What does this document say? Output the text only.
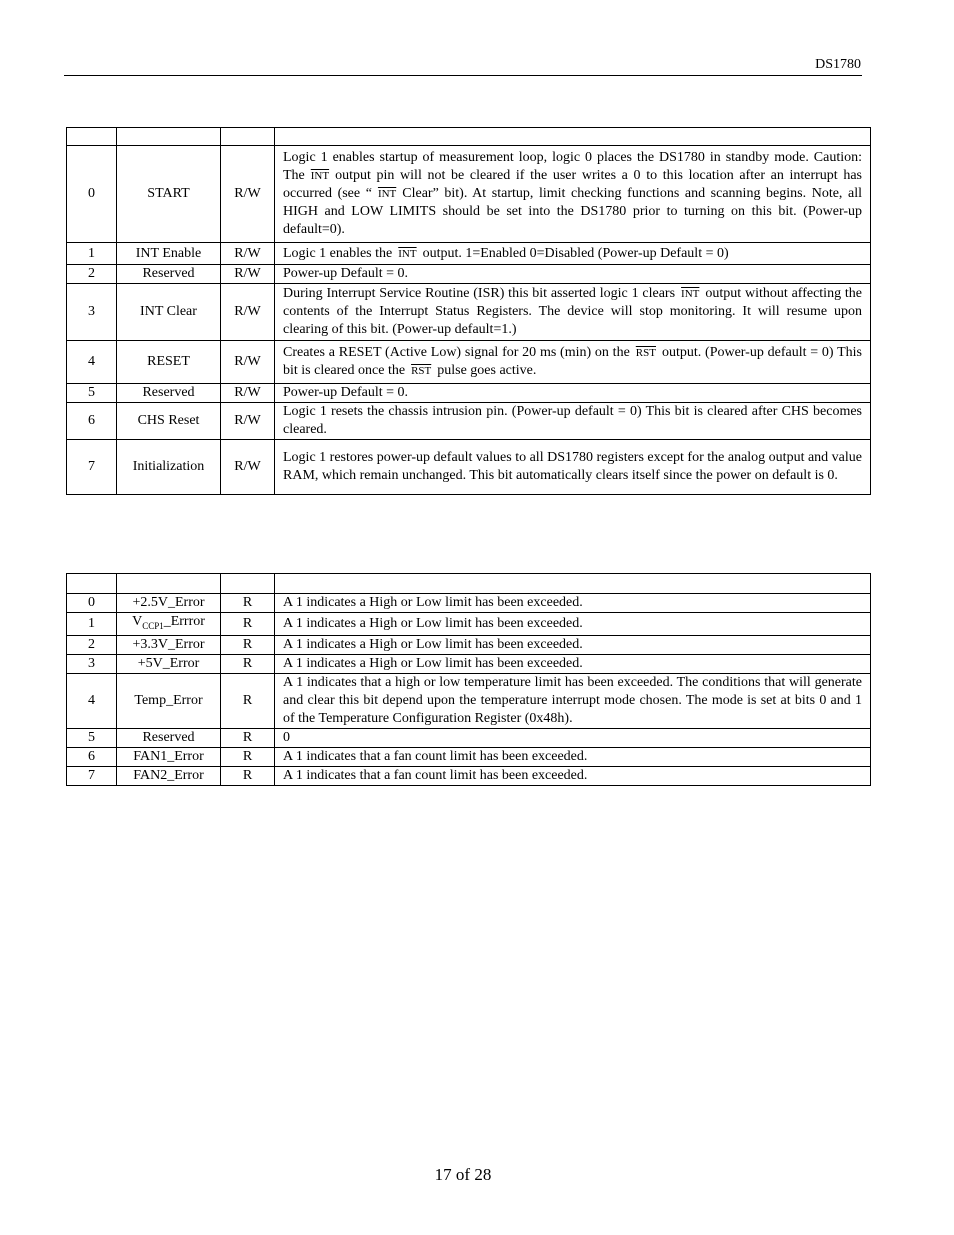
DS1780

0	START	R/W	Logic 1 enables startup of measurement loop, logic 0 places the DS1780 in standby mode. Caution: The $\overline{INT}$ output pin will not be cleared if the user writes a 0 to this location after an interrupt has occurred (see “ $\overline{INT}$ Clear” bit). At startup, limit checking functions and scanning begins. Note, all HIGH and LOW LIMITS should be set into the DS1780 prior to turning on this bit. (Power-up default=0).
1	INT Enable	R/W	Logic 1 enables the $\overline{INT}$ output. 1=Enabled 0=Disabled (Power-up Default = 0)
2	Reserved	R/W	Power-up Default = 0.
3	INT Clear	R/W	During Interrupt Service Routine (ISR) this bit asserted logic 1 clears $\overline{INT}$ output without affecting the contents of the Interrupt Status Registers. The device will stop monitoring. It will resume upon clearing of this bit. (Power-up default=1.)
4	RESET	R/W	Creates a RESET (Active Low) signal for 20 ms (min) on the $\overline{RST}$ output. (Power-up default = 0) This bit is cleared once the $\overline{RST}$ pulse goes active.
5	Reserved	R/W	Power-up Default = 0.
6	CHS Reset	R/W	Logic 1 resets the chassis intrusion pin. (Power-up default = 0) This bit is cleared after CHS becomes cleared.
7	Initialization	R/W	Logic 1 restores power-up default values to all DS1780 registers except for the analog output and value RAM, which remain unchanged. This bit automatically clears itself since the power on default is 0.

0	+2.5V_Error	R	A 1 indicates a High or Low limit has been exceeded.
1	$V_{CCP1}\_Errror$	R	A 1 indicates a High or Low limit has been exceeded.
2	+3.3V_Error	R	A 1 indicates a High or Low limit has been exceeded.
3	+5V_Error	R	A 1 indicates a High or Low limit has been exceeded.
4	Temp_Error	R	A 1 indicates that a high or low temperature limit has been exceeded. The conditions that will generate and clear this bit depend upon the temperature interrupt mode chosen. The mode is set at bits 0 and 1 of the Temperature Configuration Register (0x48h).
5	Reserved	R	0
6	FAN1_Error	R	A 1 indicates that a fan count limit has been exceeded.
7	FAN2_Error	R	A 1 indicates that a fan count limit has been exceeded.
17 of 28
